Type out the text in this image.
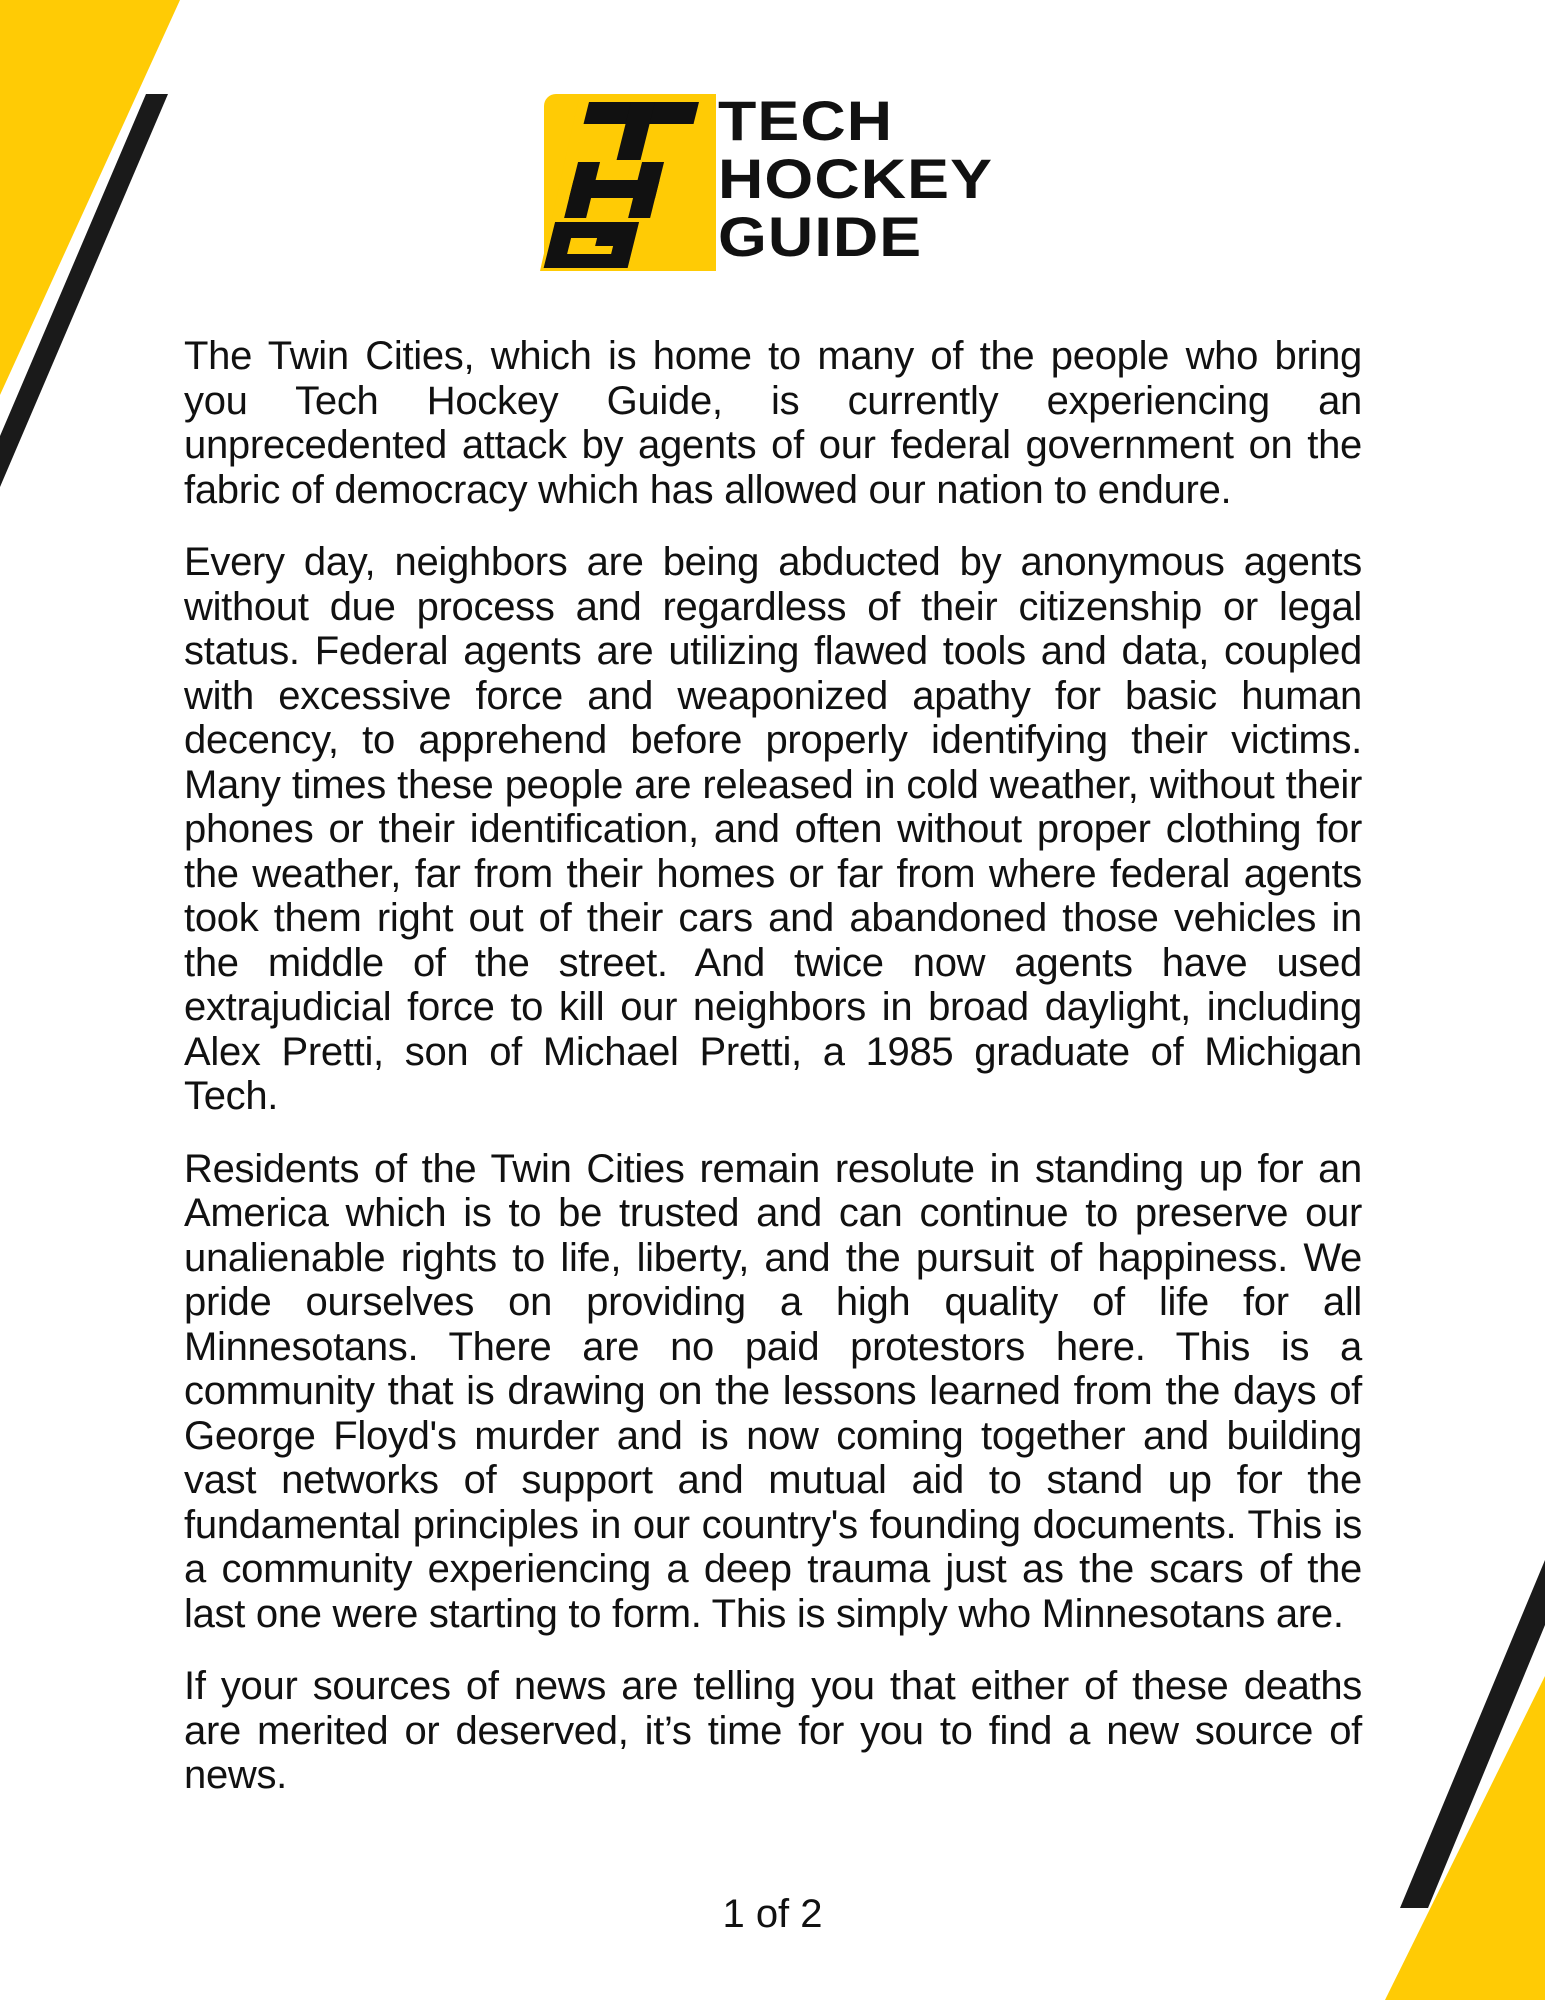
TECH
HOCKEY
GUIDE

The Twin Cities, which is home to many of the people who bring you Tech Hockey Guide, is currently experiencing an unprecedented attack by agents of our federal government on the fabric of democracy which has allowed our nation to endure.

Every day, neighbors are being abducted by anonymous agents without due process and regardless of their citizenship or legal status. Federal agents are utilizing flawed tools and data, coupled with excessive force and weaponized apathy for basic human decency, to apprehend before properly identifying their victims. Many times these people are released in cold weather, without their phones or their identification, and often without proper clothing for the weather, far from their homes or far from where federal agents took them right out of their cars and abandoned those vehicles in the middle of the street. And twice now agents have used extrajudicial force to kill our neighbors in broad daylight, including Alex Pretti, son of Michael Pretti, a 1985 graduate of Michigan Tech.

Residents of the Twin Cities remain resolute in standing up for an America which is to be trusted and can continue to preserve our unalienable rights to life, liberty, and the pursuit of happiness. We pride ourselves on providing a high quality of life for all Minnesotans. There are no paid protestors here. This is a community that is drawing on the lessons learned from the days of George Floyd's murder and is now coming together and building vast networks of support and mutual aid to stand up for the fundamental principles in our country's founding documents. This is a community experiencing a deep trauma just as the scars of the last one were starting to form. This is simply who Minnesotans are.

If your sources of news are telling you that either of these deaths are merited or deserved, it’s time for you to find a new source of news.

1 of 2
